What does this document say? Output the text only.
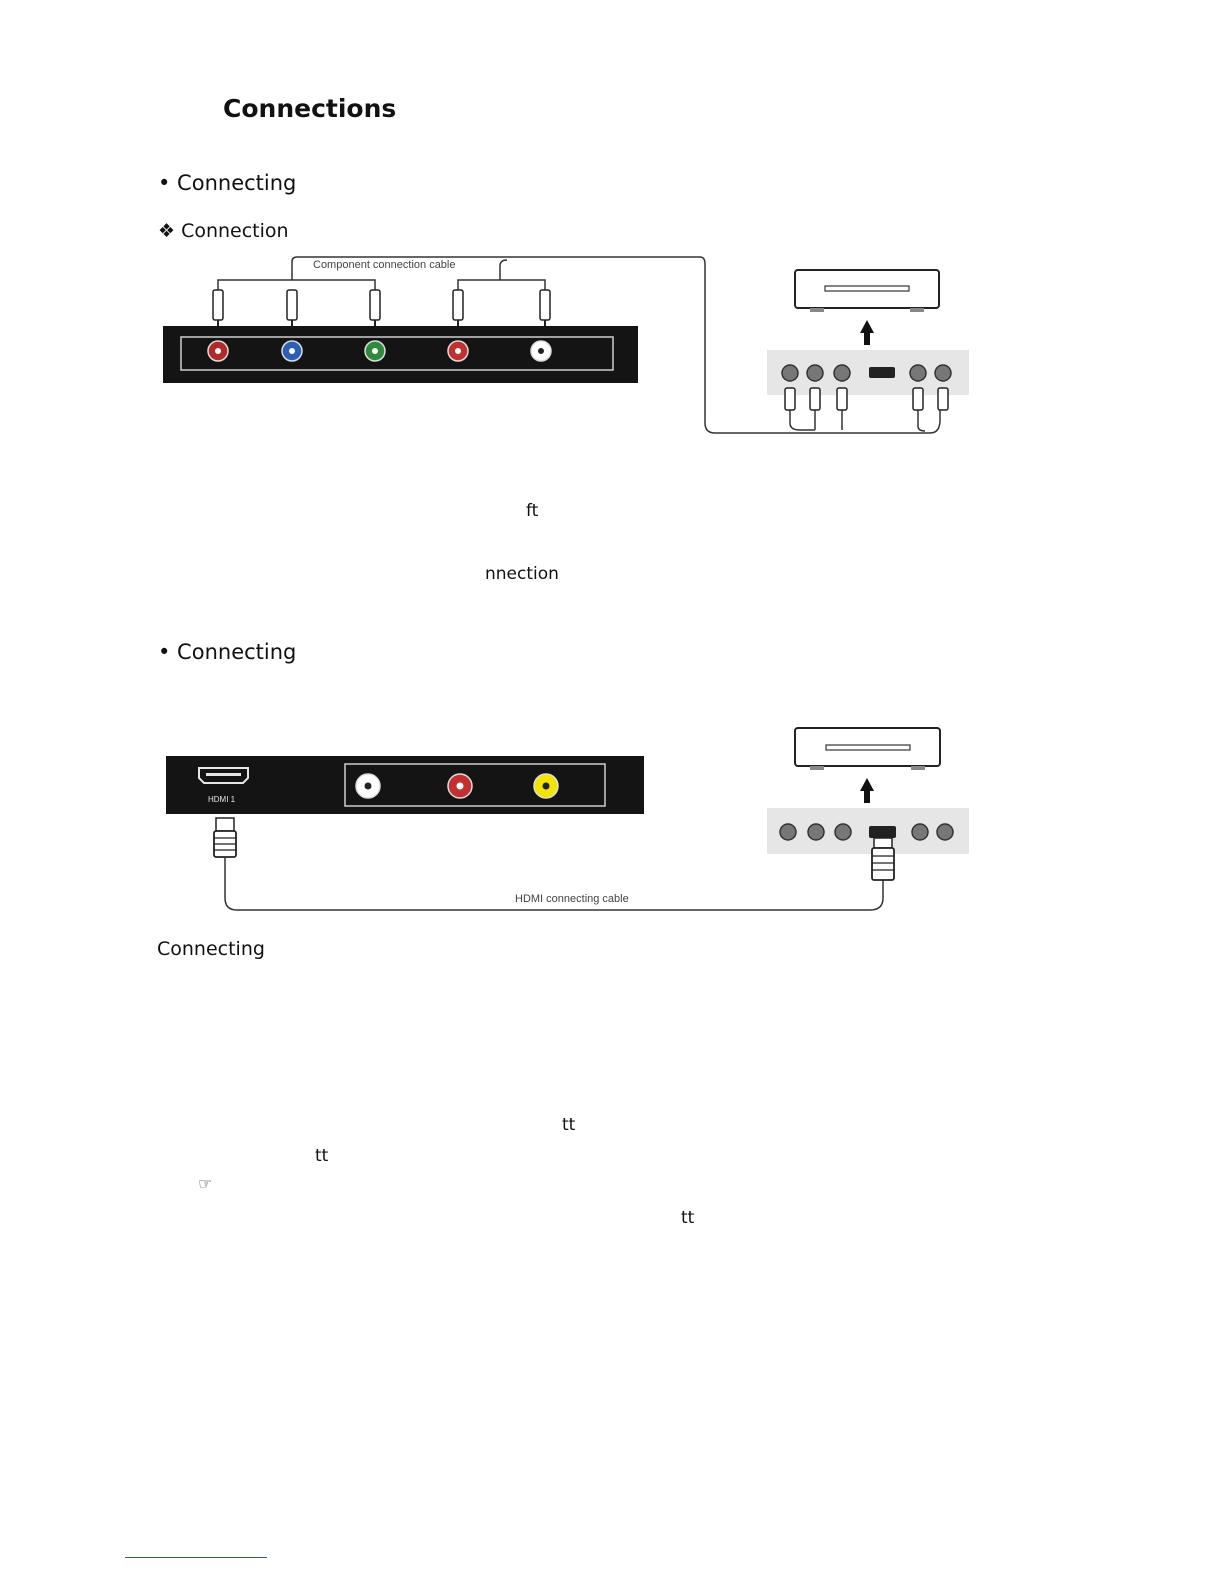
Connections
• Connecting
❖ Connection
Component connection cable
ft
nnection
• Connecting
HDMI 1
HDMI connecting cable
Connecting
tt
tt
☞
tt
